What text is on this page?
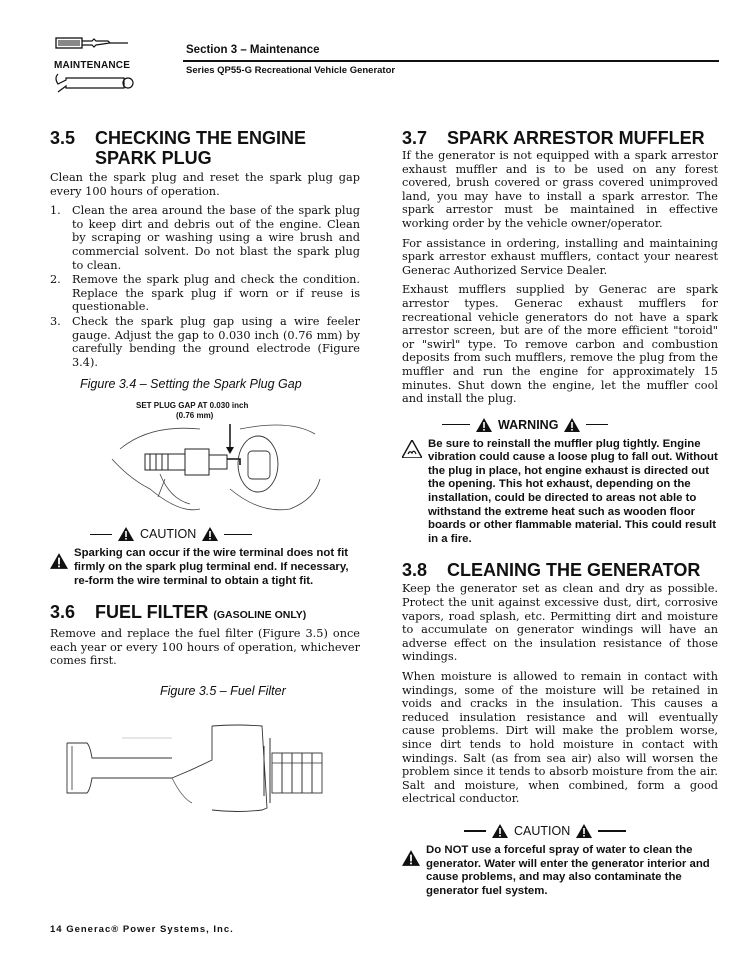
MAINTENANCE
Section 3 – Maintenance
Series QP55-G Recreational Vehicle Generator
3.5 CHECKING THE ENGINE
SPARK PLUG

Clean the spark plug and reset the spark plug gap every 100 hours of operation.

1. Clean the area around the base of the spark plug to keep dirt and debris out of the engine. Clean by scraping or washing using a wire brush and commercial solvent. Do not blast the spark plug to clean.
2. Remove the spark plug and check the condition. Replace the spark plug if worn or if reuse is questionable.
3. Check the spark plug gap using a wire feeler gauge. Adjust the gap to 0.030 inch (0.76 mm) by carefully bending the ground electrode (Figure 3.4).
Figure 3.4 – Setting the Spark Plug Gap
SET PLUG GAP AT 0.030 inch
(0.76 mm)
CAUTION
Sparking can occur if the wire terminal does not fit firmly on the spark plug terminal end. If necessary, re-form the wire terminal to obtain a tight fit.
3.6 FUEL FILTER (GASOLINE ONLY)

Remove and replace the fuel filter (Figure 3.5) once each year or every 100 hours of operation, whichever comes first.

Figure 3.5 – Fuel Filter
3.7 SPARK ARRESTOR MUFFLER

If the generator is not equipped with a spark arrestor exhaust muffler and is to be used on any forest covered, brush covered or grass covered unimproved land, you may have to install a spark arrestor. The spark arrestor must be maintained in effective working order by the vehicle owner/operator.

For assistance in ordering, installing and maintaining spark arrestor exhaust mufflers, contact your nearest Generac Authorized Service Dealer.

Exhaust mufflers supplied by Generac are spark arrestor types. Generac exhaust mufflers for recreational vehicle generators do not have a spark arrestor screen, but are of the more efficient "toroid" or "swirl" type. To remove carbon and combustion deposits from such mufflers, remove the plug from the muffler and run the engine for approximately 15 minutes. Shut down the engine, let the muffler cool and install the plug.

WARNING
Be sure to reinstall the muffler plug tightly. Engine vibration could cause a loose plug to fall out. Without the plug in place, hot engine exhaust is directed out the opening. This hot exhaust, depending on the installation, could be directed to areas not able to withstand the extreme heat such as wooden floor boards or other flammable material. This could result in a fire.
3.8 CLEANING THE GENERATOR

Keep the generator set as clean and dry as possible. Protect the unit against excessive dust, dirt, corrosive vapors, road splash, etc. Permitting dirt and moisture to accumulate on generator windings will have an adverse effect on the insulation resistance of those windings.

When moisture is allowed to remain in contact with windings, some of the moisture will be retained in voids and cracks in the insulation. This causes a reduced insulation resistance and will eventually cause problems. Dirt will make the problem worse, since dirt tends to hold moisture in contact with windings. Salt (as from sea air) also will worsen the problem since it tends to absorb moisture from the air. Salt and moisture, when combined, form a good electrical conductor.

CAUTION
Do NOT use a forceful spray of water to clean the generator. Water will enter the generator interior and cause problems, and may also contaminate the generator fuel system.
14 Generac® Power Systems, Inc.
